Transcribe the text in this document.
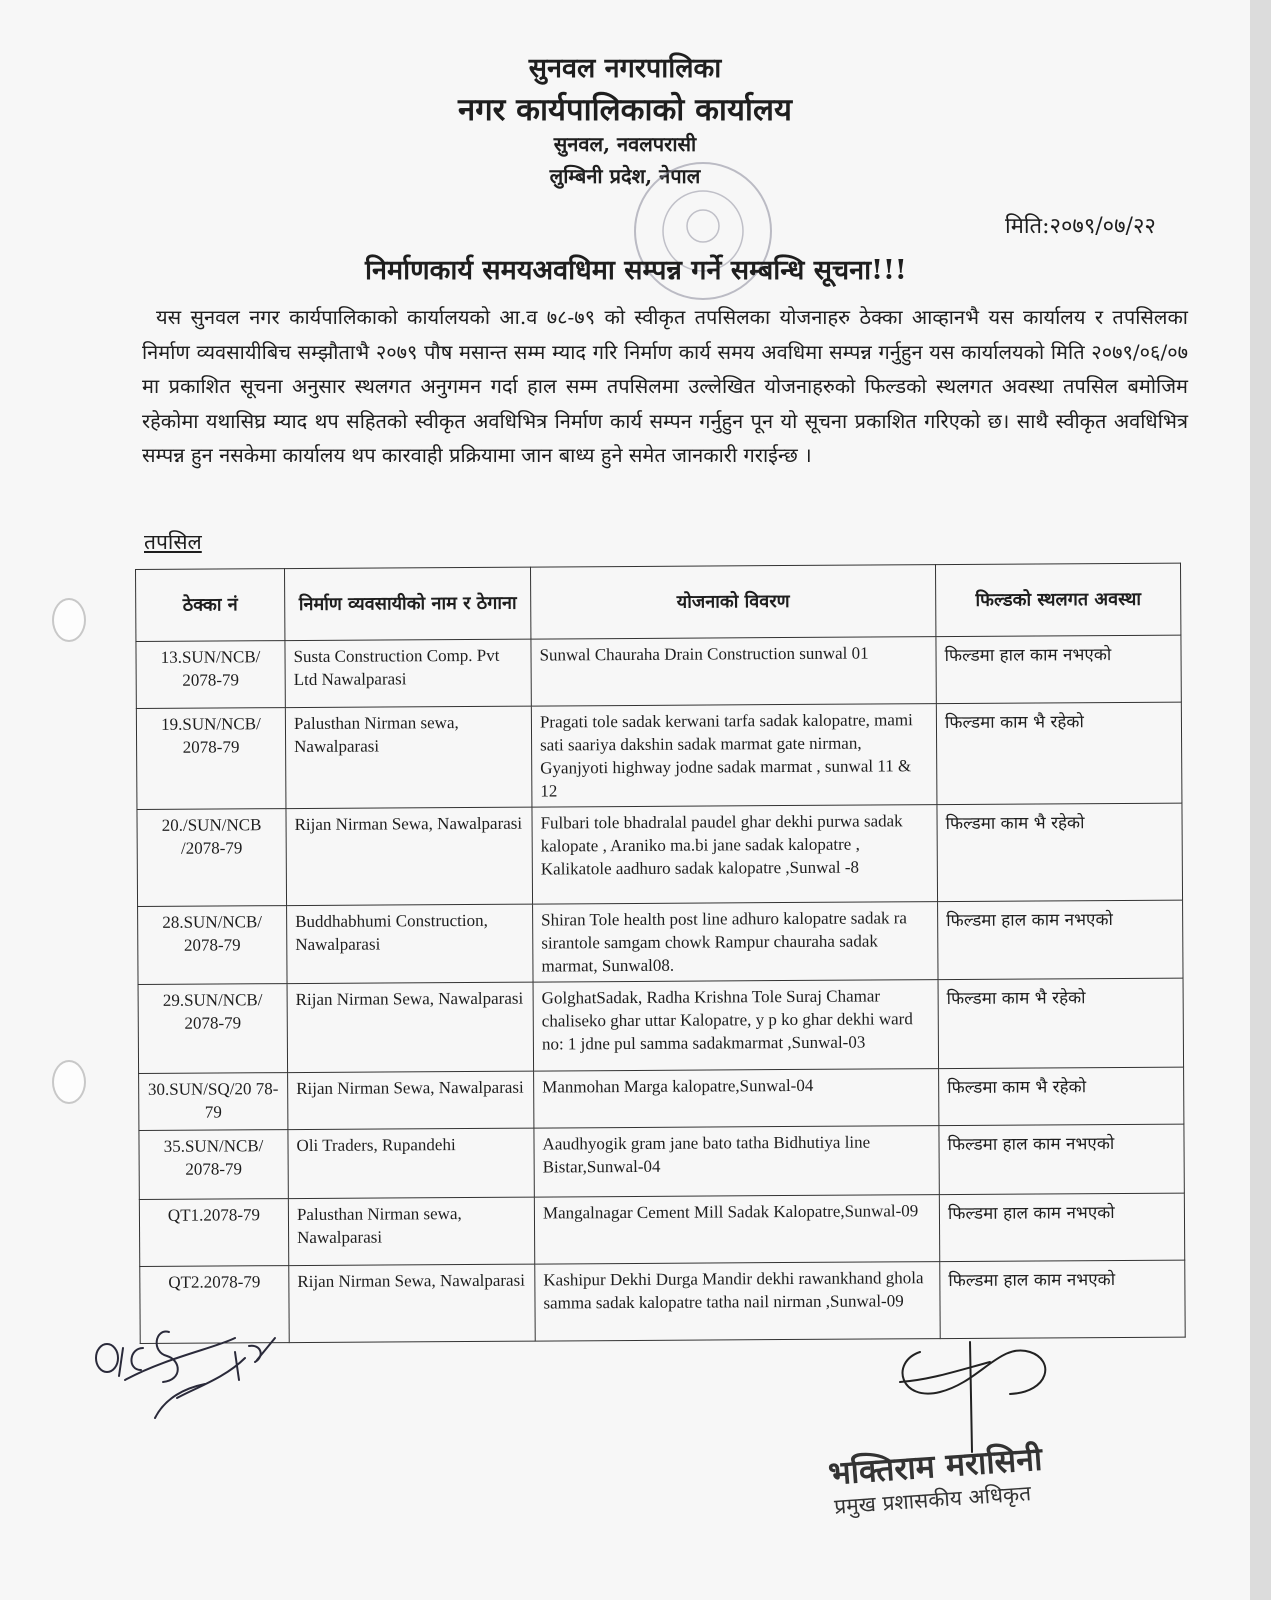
सुनवल नगरपालिका
नगर कार्यपालिकाको कार्यालय
सुनवल, नवलपरासी
लुम्बिनी प्रदेश, नेपाल
मिति:२०७९/०७/२२
निर्माणकार्य समयअवधिमा सम्पन्न गर्ने सम्बन्धि सूचना!!!
यस सुनवल नगर कार्यपालिकाको कार्यालयको आ.व ७८-७९ को स्वीकृत तपसिलका योजनाहरु ठेक्का आव्हानभै यस कार्यालय र तपसिलका निर्माण व्यवसायीबिच सम्झौताभै २०७९ पौष मसान्त सम्म म्याद गरि निर्माण कार्य समय अवधिमा सम्पन्न गर्नुहुन यस कार्यालयको मिति २०७९/०६/०७ मा प्रकाशित सूचना अनुसार स्थलगत अनुगमन गर्दा हाल सम्म तपसिलमा उल्लेखित योजनाहरुको फिल्डको स्थलगत अवस्था तपसिल बमोजिम रहेकोमा यथासिघ्र म्याद थप सहितको स्वीकृत अवधिभित्र निर्माण कार्य सम्पन गर्नुहुन पून यो सूचना प्रकाशित गरिएको छ। साथै स्वीकृत अवधिभित्र सम्पन्न हुन नसकेमा कार्यालय थप कारवाही प्रक्रियामा जान बाध्य हुने समेत जानकारी गराईन्छ ।
तपसिल
ठेक्का नं	निर्माण व्यवसायीको नाम र ठेगाना	योजनाको विवरण	फिल्डको स्थलगत अवस्था
13.SUN/NCB/ 2078-79	Susta Construction Comp. Pvt Ltd Nawalparasi	Sunwal Chauraha Drain Construction sunwal 01	फिल्डमा हाल काम नभएको
19.SUN/NCB/ 2078-79	Palusthan Nirman sewa, Nawalparasi	Pragati tole sadak kerwani tarfa sadak kalopatre, mami sati saariya dakshin sadak marmat gate nirman, Gyanjyoti highway jodne sadak marmat , sunwal 11 & 12	फिल्डमा काम भै रहेको
20./SUN/NCB /2078-79	Rijan Nirman Sewa, Nawalparasi	Fulbari tole bhadralal paudel ghar dekhi purwa sadak kalopate , Araniko ma.bi jane sadak kalopatre , Kalikatole aadhuro sadak kalopatre ,Sunwal -8	फिल्डमा काम भै रहेको
28.SUN/NCB/ 2078-79	Buddhabhumi Construction, Nawalparasi	Shiran Tole health post line adhuro kalopatre sadak ra sirantole samgam chowk Rampur chauraha sadak marmat, Sunwal08.	फिल्डमा हाल काम नभएको
29.SUN/NCB/ 2078-79	Rijan Nirman Sewa, Nawalparasi	GolghatSadak, Radha Krishna Tole Suraj Chamar chaliseko ghar uttar Kalopatre, y p ko ghar dekhi ward no: 1 jdne pul samma sadakmarmat ,Sunwal-03	फिल्डमा काम भै रहेको
30.SUN/SQ/20 78-79	Rijan Nirman Sewa, Nawalparasi	Manmohan Marga kalopatre,Sunwal-04	फिल्डमा काम भै रहेको
35.SUN/NCB/ 2078-79	Oli Traders, Rupandehi	Aaudhyogik gram jane bato tatha Bidhutiya line Bistar,Sunwal-04	फिल्डमा हाल काम नभएको
QT1.2078-79	Palusthan Nirman sewa, Nawalparasi	Mangalnagar Cement Mill Sadak Kalopatre,Sunwal-09	फिल्डमा हाल काम नभएको
QT2.2078-79	Rijan Nirman Sewa, Nawalparasi	Kashipur Dekhi Durga Mandir dekhi rawankhand ghola samma sadak kalopatre tatha nail nirman ,Sunwal-09	फिल्डमा हाल काम नभएको
भक्तिराम मरासिनी
प्रमुख प्रशासकीय अधिकृत
